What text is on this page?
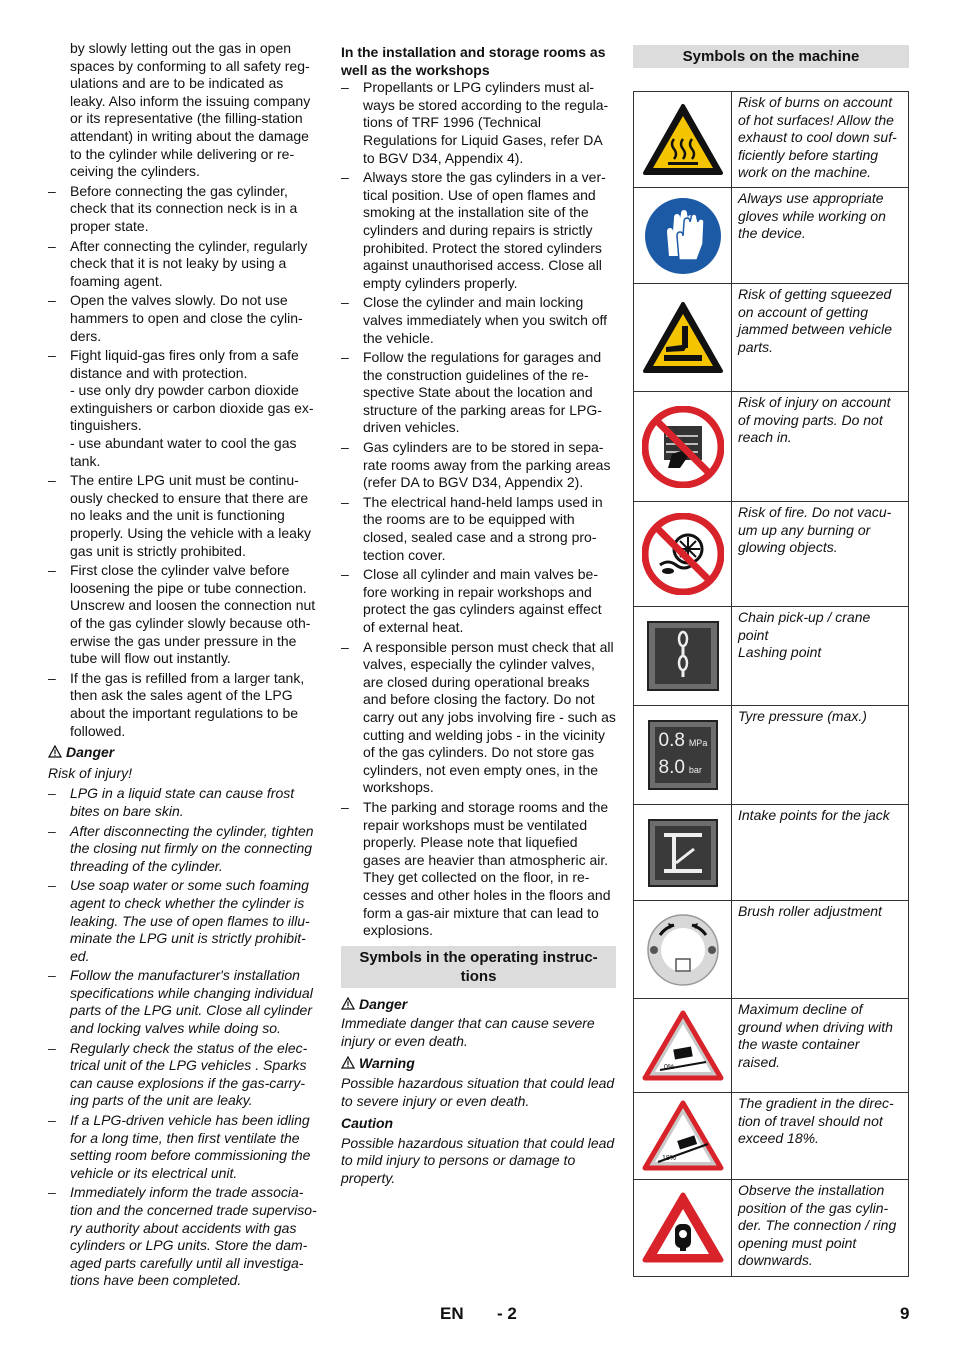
by slowly letting out the gas in open spaces by conforming to all safety reg-ulations and are to be indicated as leaky. Also inform the issuing company or its representative (the filling-station attendant) in writing about the damage to the cylinder while delivering or re-ceiving the cylinders.
– Before connecting the gas cylinder, check that its connection neck is in a proper state.
– After connecting the cylinder, regularly check that it is not leaky by using a foaming agent.
– Open the valves slowly. Do not use hammers to open and close the cylin-ders.
– Fight liquid-gas fires only from a safe distance and with protection.
- use only dry powder carbon dioxide extinguishers or carbon dioxide gas ex-tinguishers.
- use abundant water to cool the gas tank.
– The entire LPG unit must be continu-ously checked to ensure that there are no leaks and the unit is functioning properly. Using the vehicle with a leaky gas unit is strictly prohibited.
– First close the cylinder valve before loosening the pipe or tube connection. Unscrew and loosen the connection nut of the gas cylinder slowly because oth-erwise the gas under pressure in the tube will flow out instantly.
– If the gas is refilled from a larger tank, then ask the sales agent of the LPG about the important regulations to be followed.
Danger
Risk of injury!
– LPG in a liquid state can cause frost bites on bare skin.
– After disconnecting the cylinder, tighten the closing nut firmly on the connecting threading of the cylinder.
– Use soap water or some such foaming agent to check whether the cylinder is leaking. The use of open flames to illu-minate the LPG unit is strictly prohibit-ed.
– Follow the manufacturer's installation specifications while changing individual parts of the LPG unit. Close all cylinder and locking valves while doing so.
– Regularly check the status of the elec-trical unit of the LPG vehicles . Sparks can cause explosions if the gas-carry-ing parts of the unit are leaky.
– If a LPG-driven vehicle has been idling for a long time, then first ventilate the setting room before commissioning the vehicle or its electrical unit.
– Immediately inform the trade associa-tion and the concerned trade superviso-ry authority about accidents with gas cylinders or LPG units. Store the dam-aged parts carefully until all investiga-tions have been completed.
In the installation and storage rooms as well as the workshops
– Propellants or LPG cylinders must al-ways be stored according to the regula-tions of TRF 1996 (Technical Regulations for Liquid Gases, refer DA to BGV D34, Appendix 4).
– Always store the gas cylinders in a ver-tical position. Use of open flames and smoking at the installation site of the cylinders and during repairs is strictly prohibited. Protect the stored cylinders against unauthorised access. Close all empty cylinders properly.
– Close the cylinder and main locking valves immediately when you switch off the vehicle.
– Follow the regulations for garages and the construction guidelines of the re-spective State about the location and structure of the parking areas for LPG-driven vehicles.
– Gas cylinders are to be stored in sepa-rate rooms away from the parking areas (refer DA to BGV D34, Appendix 2).
– The electrical hand-held lamps used in the rooms are to be equipped with closed, sealed case and a strong pro-tection cover.
– Close all cylinder and main valves be-fore working in repair workshops and protect the gas cylinders against effect of external heat.
– A responsible person must check that all valves, especially the cylinder valves, are closed during operational breaks and before closing the factory. Do not carry out any jobs involving fire - such as cutting and welding jobs - in the vicinity of the gas cylinders. Do not store gas cylinders, not even empty ones, in the workshops.
– The parking and storage rooms and the repair workshops must be ventilated properly. Please note that liquefied gases are heavier than atmospheric air. They get collected on the floor, in re-cesses and other holes in the floors and form a gas-air mixture that can lead to explosions.
Symbols in the operating instruc-tions
Danger
Immediate danger that can cause severe injury or even death.
Warning
Possible hazardous situation that could lead to severe injury or even death.
Caution
Possible hazardous situation that could lead to mild injury to persons or damage to property.
Symbols on the machine
	Risk of burns on account of hot surfaces! Allow the exhaust to cool down suf-ficiently before starting work on the machine.

	Always use appropriate gloves while working on the device.

	Risk of getting squeezed on account of getting jammed between vehicle parts.

	Risk of injury on account of moving parts. Do not reach in.

	Risk of fire. Do not vacu-um up any burning or glowing objects.

	Chain pick-up / crane point
Lashing point

0.8 MPa
8.0 bar	Tyre pressure (max.)

	Intake points for the jack

	Brush roller adjustment

0%	Maximum decline of ground when driving with the waste container raised.

18%	The gradient in the direc-tion of travel should not exceed 18%.

	Observe the installation position of the gas cylin-der. The connection / ring opening must point downwards.
EN - 2	9
